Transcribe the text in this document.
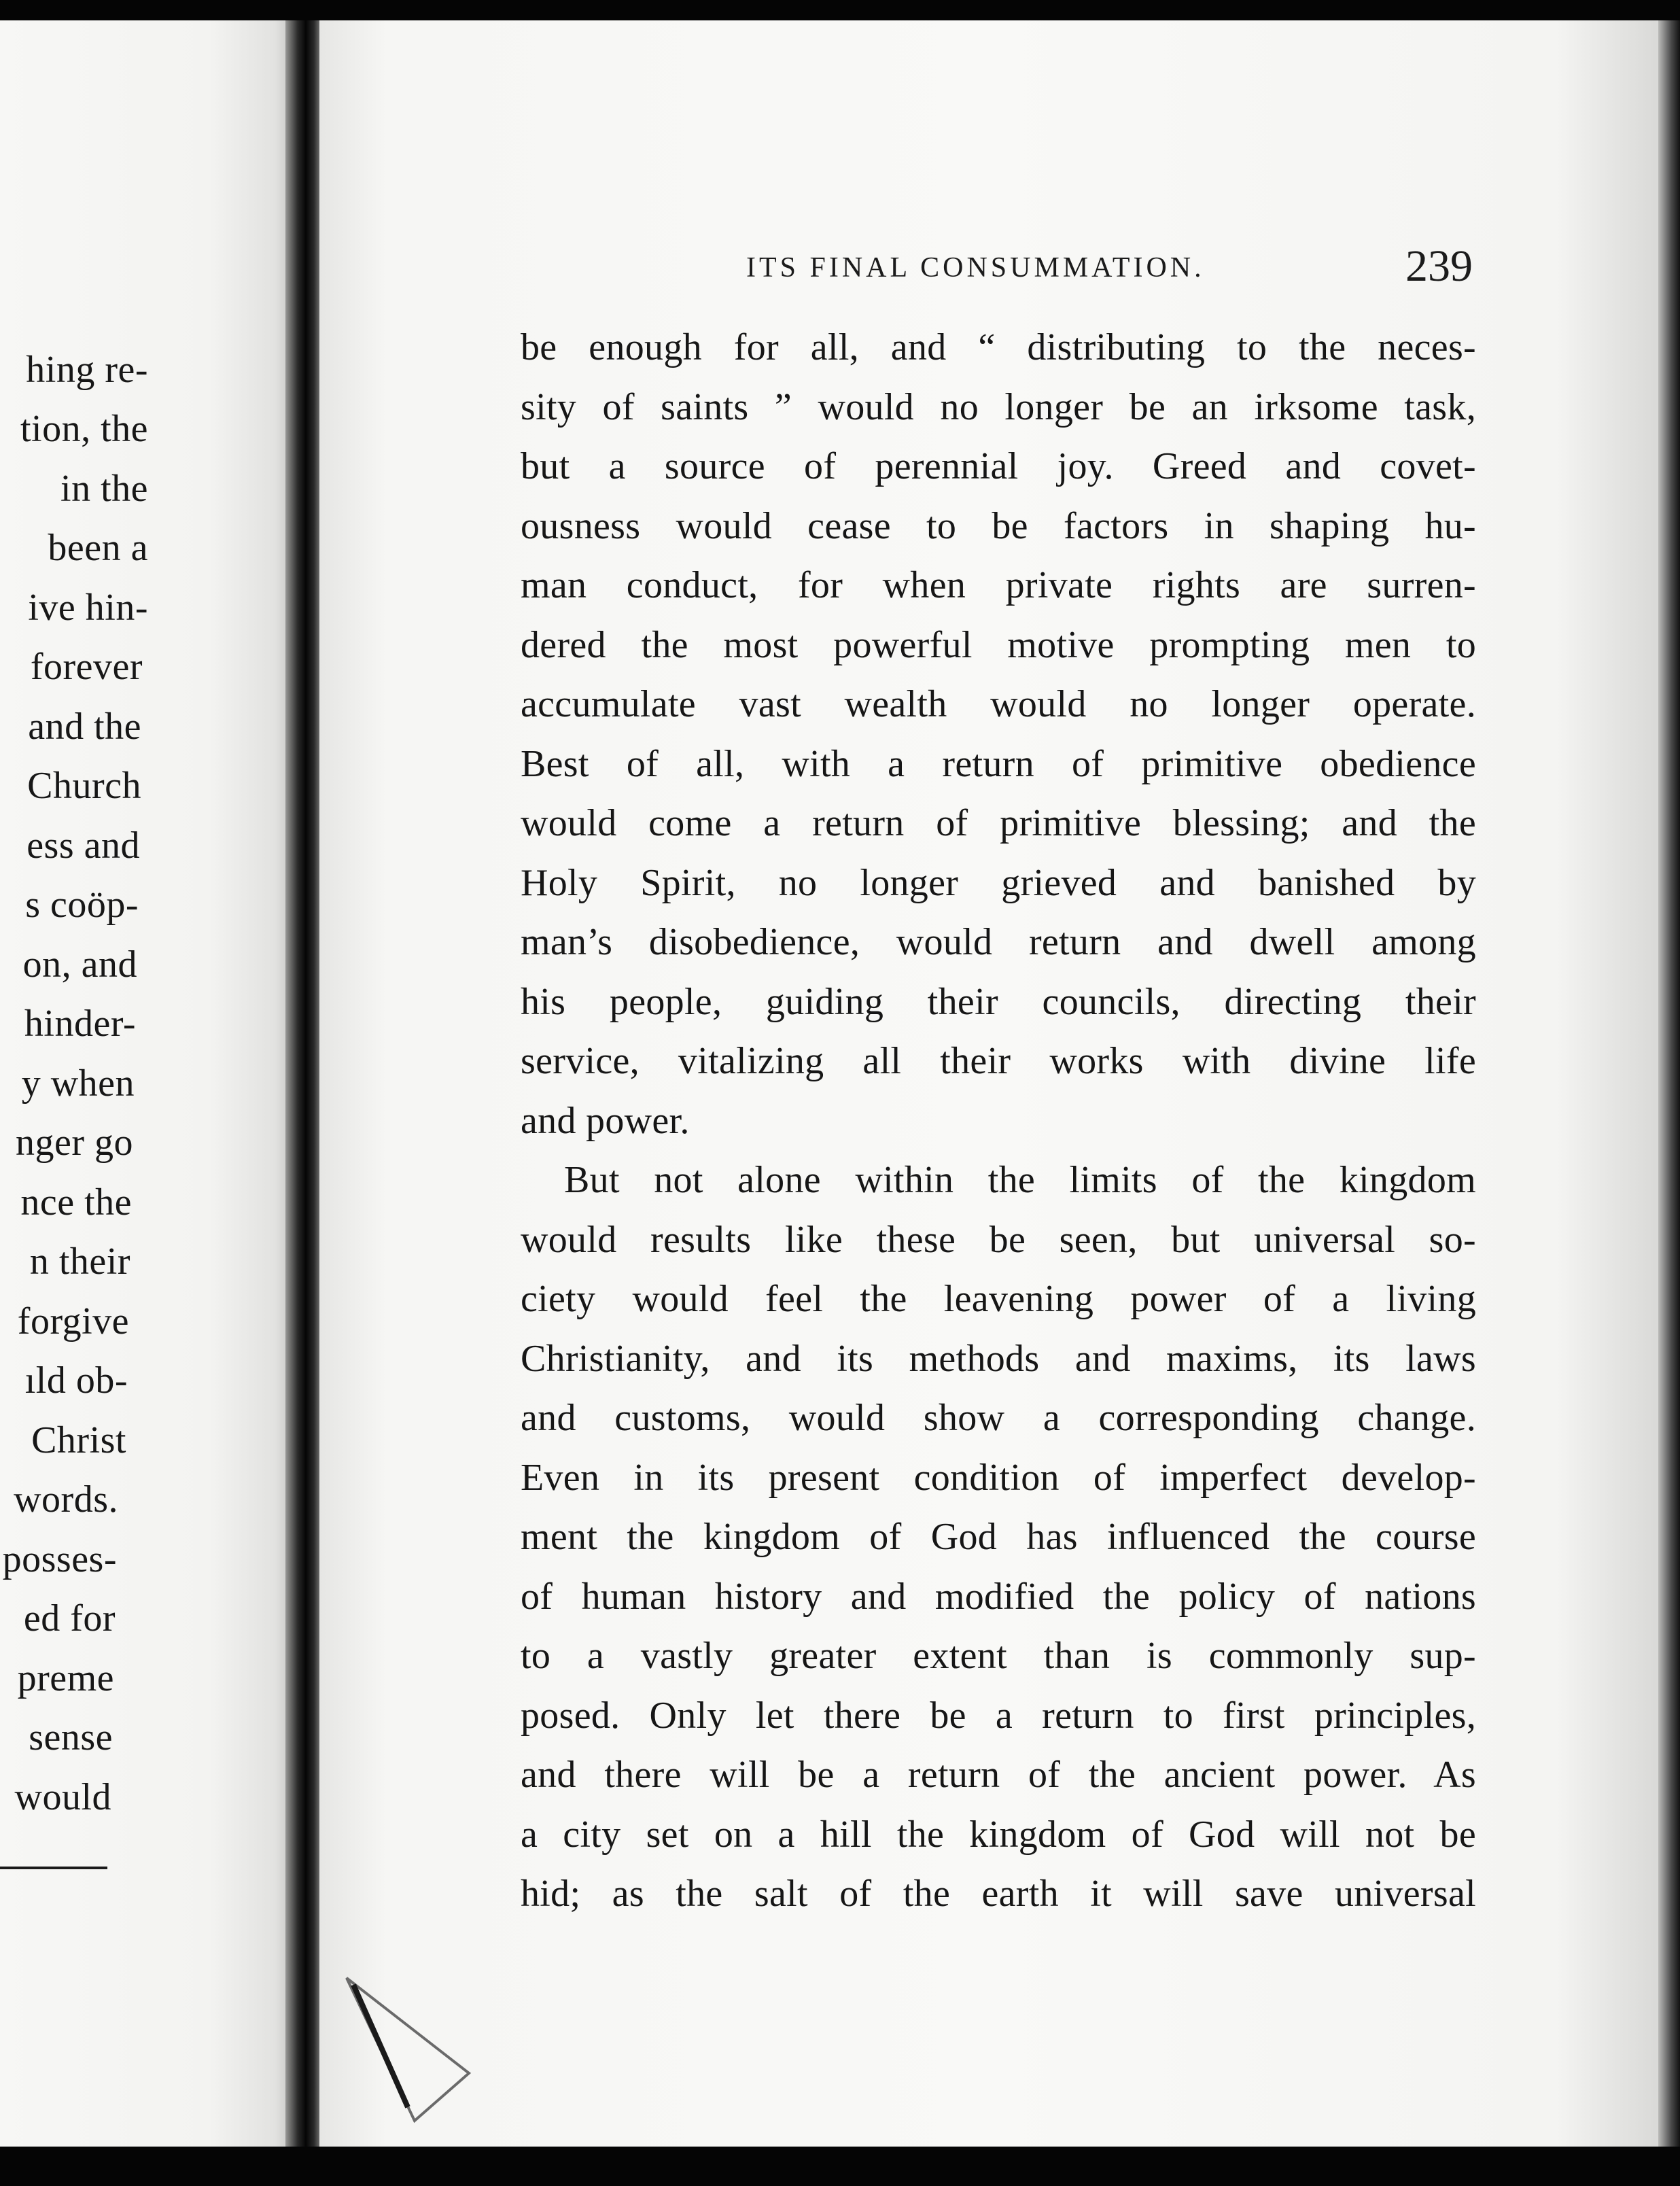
hing re-
tion, the
in the
been a
ive hin-
forever
and the
Church
ess and
s coöp-
on, and
hinder-
y when
nger go
nce the
n their
forgive
ıld ob-
Christ
words.
posses-
ed for
preme
sense
would
ITS FINAL CONSUMMATION.	239
be enough for all, and “ distributing to the neces-
sity of saints ” would no longer be an irksome task,
but a source of perennial joy. Greed and covet-
ousness would cease to be factors in shaping hu-
man conduct, for when private rights are surren-
dered the most powerful motive prompting men to
accumulate vast wealth would no longer operate.
Best of all, with a return of primitive obedience
would come a return of primitive blessing; and the
Holy Spirit, no longer grieved and banished by
man’s disobedience, would return and dwell among
his people, guiding their councils, directing their
service, vitalizing all their works with divine life
and power.
But not alone within the limits of the kingdom
would results like these be seen, but universal so-
ciety would feel the leavening power of a living
Christianity, and its methods and maxims, its laws
and customs, would show a corresponding change.
Even in its present condition of imperfect develop-
ment the kingdom of God has influenced the course
of human history and modified the policy of nations
to a vastly greater extent than is commonly sup-
posed. Only let there be a return to first principles,
and there will be a return of the ancient power. As
a city set on a hill the kingdom of God will not be
hid; as the salt of the earth it will save universal
